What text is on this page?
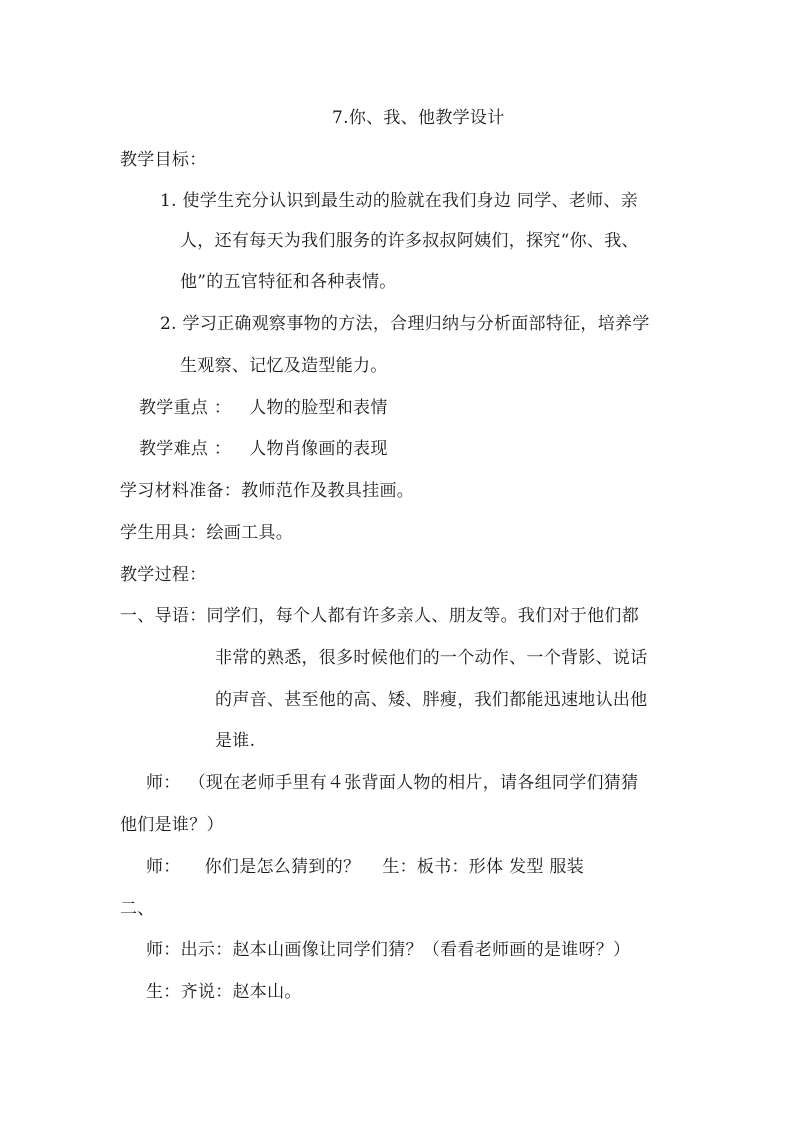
7.你、我、他教学设计
教学目标：
1. 使学生充分认识到最生动的脸就在我们身边 同学、老师、亲
人，还有每天为我们服务的许多叔叔阿姨们，探究“你、我、
他”的五官特征和各种表情。
2. 学习正确观察事物的方法，合理归纳与分析面部特征，培养学
生观察、记忆及造型能力。
教学重点 ： 人物的脸型和表情
教学难点 ： 人物肖像画的表现
学习材料准备：教师范作及教具挂画。
学生用具：绘画工具。
教学过程：
一、导语：同学们，每个人都有许多亲人、朋友等。我们对于他们都
非常的熟悉，很多时候他们的一个动作、一个背影、说话
的声音、甚至他的高、矮、胖瘦，我们都能迅速地认出他
是谁.
师： （现在老师手里有４张背面人物的相片，请各组同学们猜猜
他们是谁？）
师： 你们是怎么猜到的？ 生：板书：形体 发型 服装
二、
师：出示：赵本山画像让同学们猜？（看看老师画的是谁呀？）
生：齐说：赵本山。
